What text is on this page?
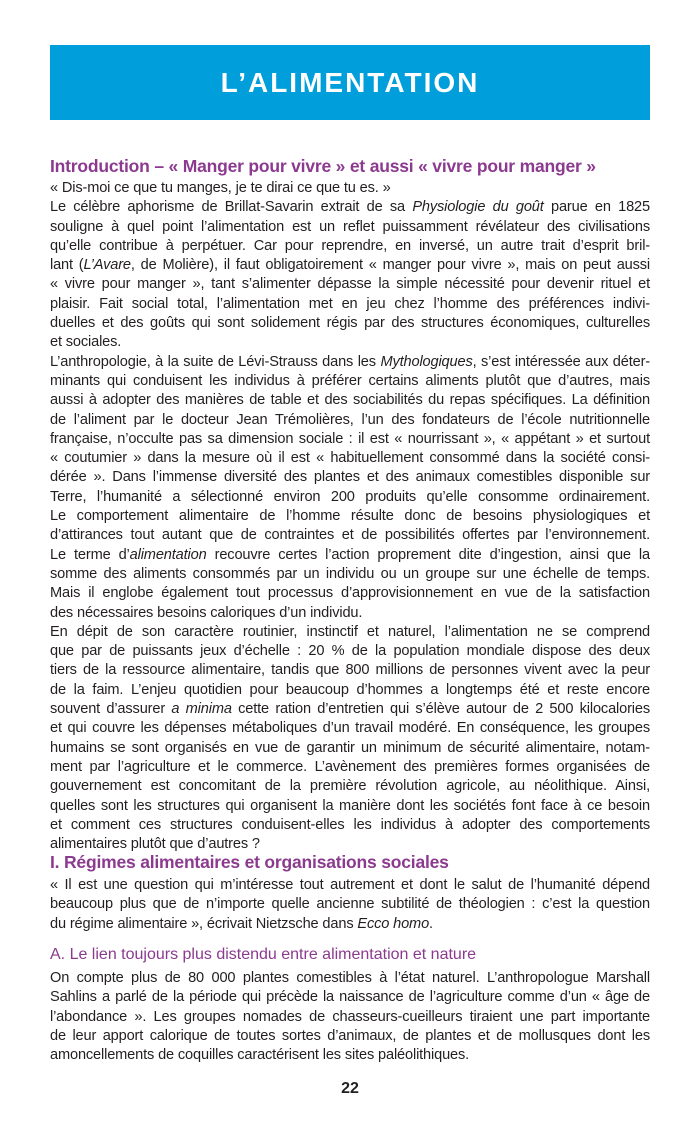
L’ALIMENTATION
Introduction – « Manger pour vivre » et aussi « vivre pour manger »
« Dis-moi ce que tu manges, je te dirai ce que tu es. »
Le célèbre aphorisme de Brillat-Savarin extrait de sa Physiologie du goût parue en 1825
souligne à quel point l’alimentation est un reflet puissamment révélateur des civilisations
qu’elle contribue à perpétuer. Car pour reprendre, en inversé, un autre trait d’esprit bril-
lant (L’Avare, de Molière), il faut obligatoirement « manger pour vivre », mais on peut aussi
« vivre pour manger », tant s’alimenter dépasse la simple nécessité pour devenir rituel et
plaisir. Fait social total, l’alimentation met en jeu chez l’homme des préférences indivi-
duelles et des goûts qui sont solidement régis par des structures économiques, culturelles
et sociales.
L’anthropologie, à la suite de Lévi-Strauss dans les Mythologiques, s’est intéressée aux déter-
minants qui conduisent les individus à préférer certains aliments plutôt que d’autres, mais
aussi à adopter des manières de table et des sociabilités du repas spécifiques. La définition
de l’aliment par le docteur Jean Trémolières, l’un des fondateurs de l’école nutritionnelle
française, n’occulte pas sa dimension sociale : il est « nourrissant », « appétant » et surtout
« coutumier » dans la mesure où il est « habituellement consommé dans la société consi-
dérée ». Dans l’immense diversité des plantes et des animaux comestibles disponible sur
Terre, l’humanité a sélectionné environ 200 produits qu’elle consomme ordinairement.
Le comportement alimentaire de l’homme résulte donc de besoins physiologiques et
d’attirances tout autant que de contraintes et de possibilités offertes par l’environnement.
Le terme d’alimentation recouvre certes l’action proprement dite d’ingestion, ainsi que la
somme des aliments consommés par un individu ou un groupe sur une échelle de temps.
Mais il englobe également tout processus d’approvisionnement en vue de la satisfaction
des nécessaires besoins caloriques d’un individu.
En dépit de son caractère routinier, instinctif et naturel, l’alimentation ne se comprend
que par de puissants jeux d’échelle : 20 % de la population mondiale dispose des deux
tiers de la ressource alimentaire, tandis que 800 millions de personnes vivent avec la peur
de la faim. L’enjeu quotidien pour beaucoup d’hommes a longtemps été et reste encore
souvent d’assurer a minima cette ration d’entretien qui s’élève autour de 2 500 kilocalories
et qui couvre les dépenses métaboliques d’un travail modéré. En conséquence, les groupes
humains se sont organisés en vue de garantir un minimum de sécurité alimentaire, notam-
ment par l’agriculture et le commerce. L’avènement des premières formes organisées de
gouvernement est concomitant de la première révolution agricole, au néolithique. Ainsi,
quelles sont les structures qui organisent la manière dont les sociétés font face à ce besoin
et comment ces structures conduisent-elles les individus à adopter des comportements
alimentaires plutôt que d’autres ?
I. Régimes alimentaires et organisations sociales
« Il est une question qui m’intéresse tout autrement et dont le salut de l’humanité dépend
beaucoup plus que de n’importe quelle ancienne subtilité de théologien : c’est la question
du régime alimentaire », écrivait Nietzsche dans Ecco homo.
A. Le lien toujours plus distendu entre alimentation et nature
On compte plus de 80 000 plantes comestibles à l’état naturel. L’anthropologue Marshall
Sahlins a parlé de la période qui précède la naissance de l’agriculture comme d’un « âge de
l’abondance ». Les groupes nomades de chasseurs-cueilleurs tiraient une part importante
de leur apport calorique de toutes sortes d’animaux, de plantes et de mollusques dont les
amoncellements de coquilles caractérisent les sites paléolithiques.
22
